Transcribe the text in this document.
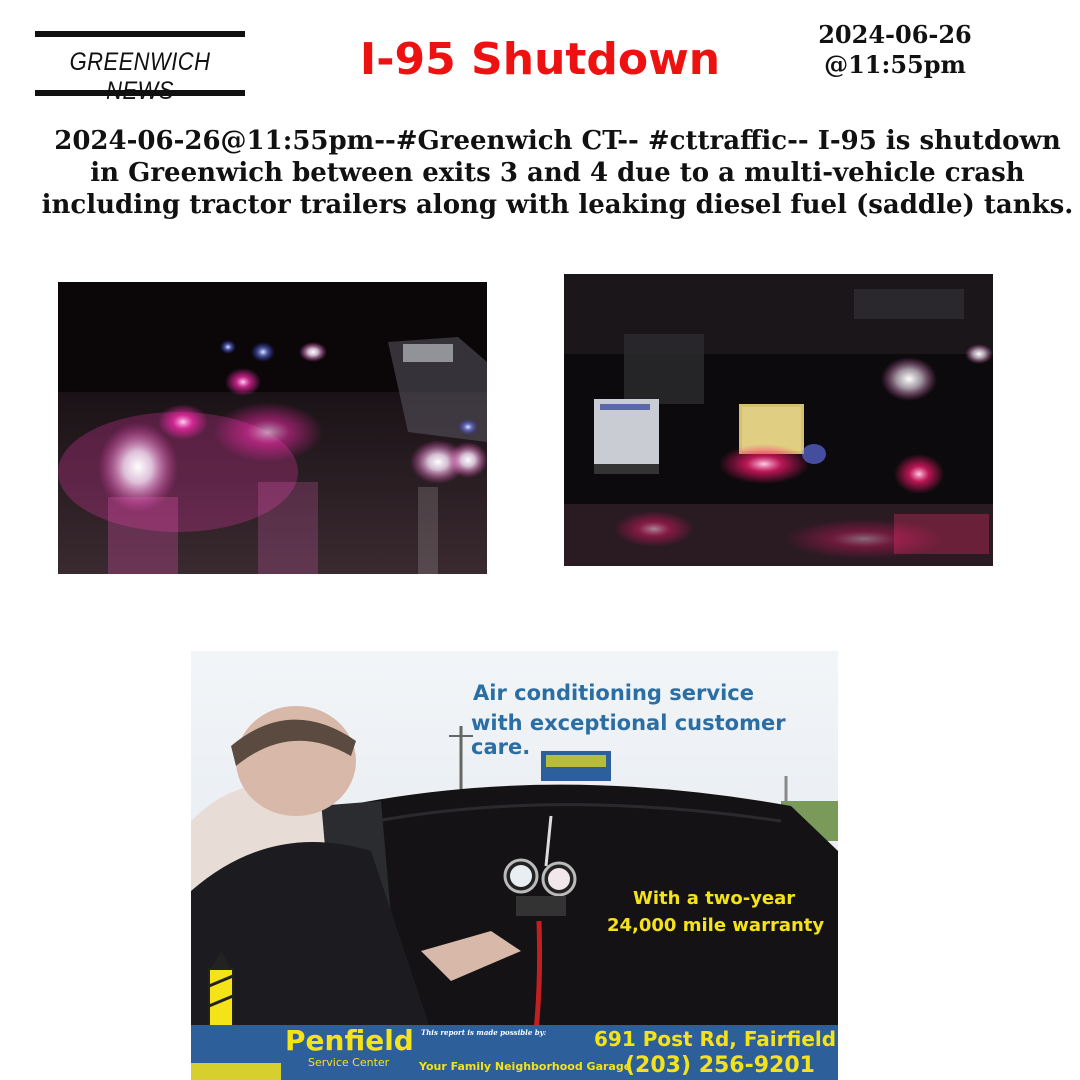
GREENWICH	I-95 Shutdown	2024-06-26
@11:55pm
2024-06-26@11:55pm--#Greenwich CT-- #cttraffic-- I-95 is shutdown in Greenwich between exits 3 and 4 due to a multi-vehicle crash including tractor trailers along with leaking diesel fuel (saddle) tanks.
Air conditioning service
with exceptional customer care.
With a two-year
24,000 mile warranty
Penfield
Service Center
This report is made possible by:
Your Family Neighborhood Garage
691 Post Rd, Fairfield
(203) 256-9201
